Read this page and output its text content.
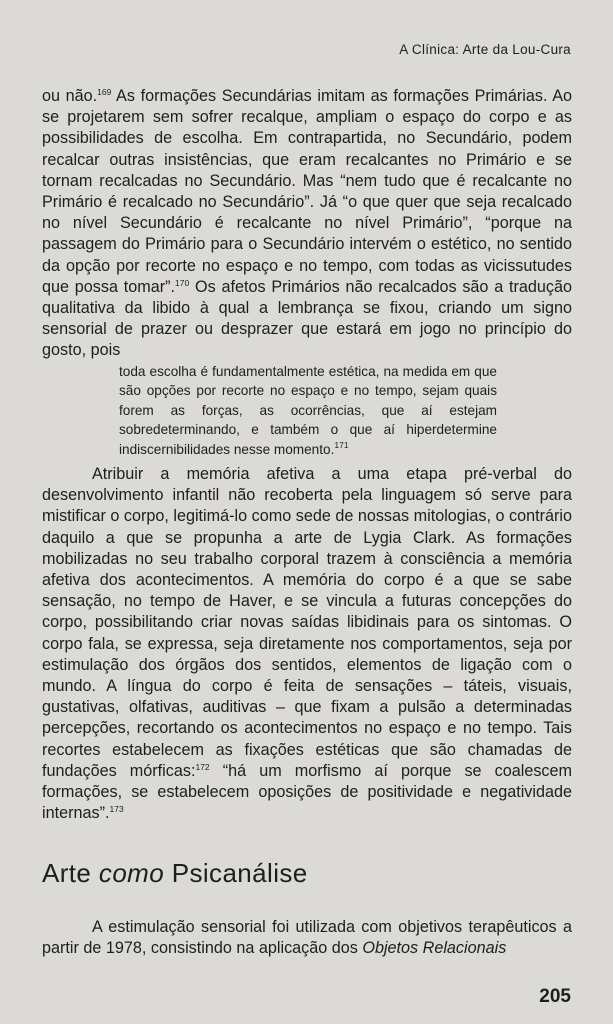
A Clínica: Arte da Lou-Cura

ou não.$^{169}$ As formações Secundárias imitam as formações Primárias. Ao se projetarem sem sofrer recalque, ampliam o espaço do corpo e as possibilidades de escolha. Em contrapartida, no Secundário, podem recalcar outras insistências, que eram recalcantes no Primário e se tornam recalcadas no Secundário. Mas “nem tudo que é recalcante no Primário é recalcado no Secundário”. Já “o que quer que seja recalcado no nível Secundário é recalcante no nível Primário”, “porque na passagem do Primário para o Secundário intervém o estético, no sentido da opção por recorte no espaço e no tempo, com todas as vicissutudes que possa tomar”.$^{170}$ Os afetos Primários não recalcados são a tradução qualitativa da libido à qual a lembrança se fixou, criando um signo sensorial de prazer ou desprazer que estará em jogo no princípio do gosto, pois

toda escolha é fundamentalmente estética, na medida em que são opções por recorte no espaço e no tempo, sejam quais forem as forças, as ocorrências, que aí estejam sobredeterminando, e também o que aí hiperdetermine indiscernibilidades nesse momento.$^{171}$

Atribuir a memória afetiva a uma etapa pré-verbal do desenvolvimento infantil não recoberta pela linguagem só serve para mistificar o corpo, legitimá-lo como sede de nossas mitologias, o contrário daquilo a que se propunha a arte de Lygia Clark. As formações mobilizadas no seu trabalho corporal trazem à consciência a memória afetiva dos acontecimentos. A memória do corpo é a que se sabe sensação, no tempo de Haver, e se vincula a futuras concepções do corpo, possibilitando criar novas saídas libidinais para os sintomas. O corpo fala, se expressa, seja diretamente nos comportamentos, seja por estimulação dos órgãos dos sentidos, elementos de ligação com o mundo. A língua do corpo é feita de sensações – táteis, visuais, gustativas, olfativas, auditivas – que fixam a pulsão a determinadas percepções, recortando os acontecimentos no espaço e no tempo. Tais recortes estabelecem as fixações estéticas que são chamadas de fundações mórficas:$^{172}$ “há um morfismo aí porque se coalescem formações, se estabelecem oposições de positividade e negatividade internas”.$^{173}$

Arte como Psicanálise

A estimulação sensorial foi utilizada com objetivos terapêuticos a partir de 1978, consistindo na aplicação dos Objetos Relacionais

205
